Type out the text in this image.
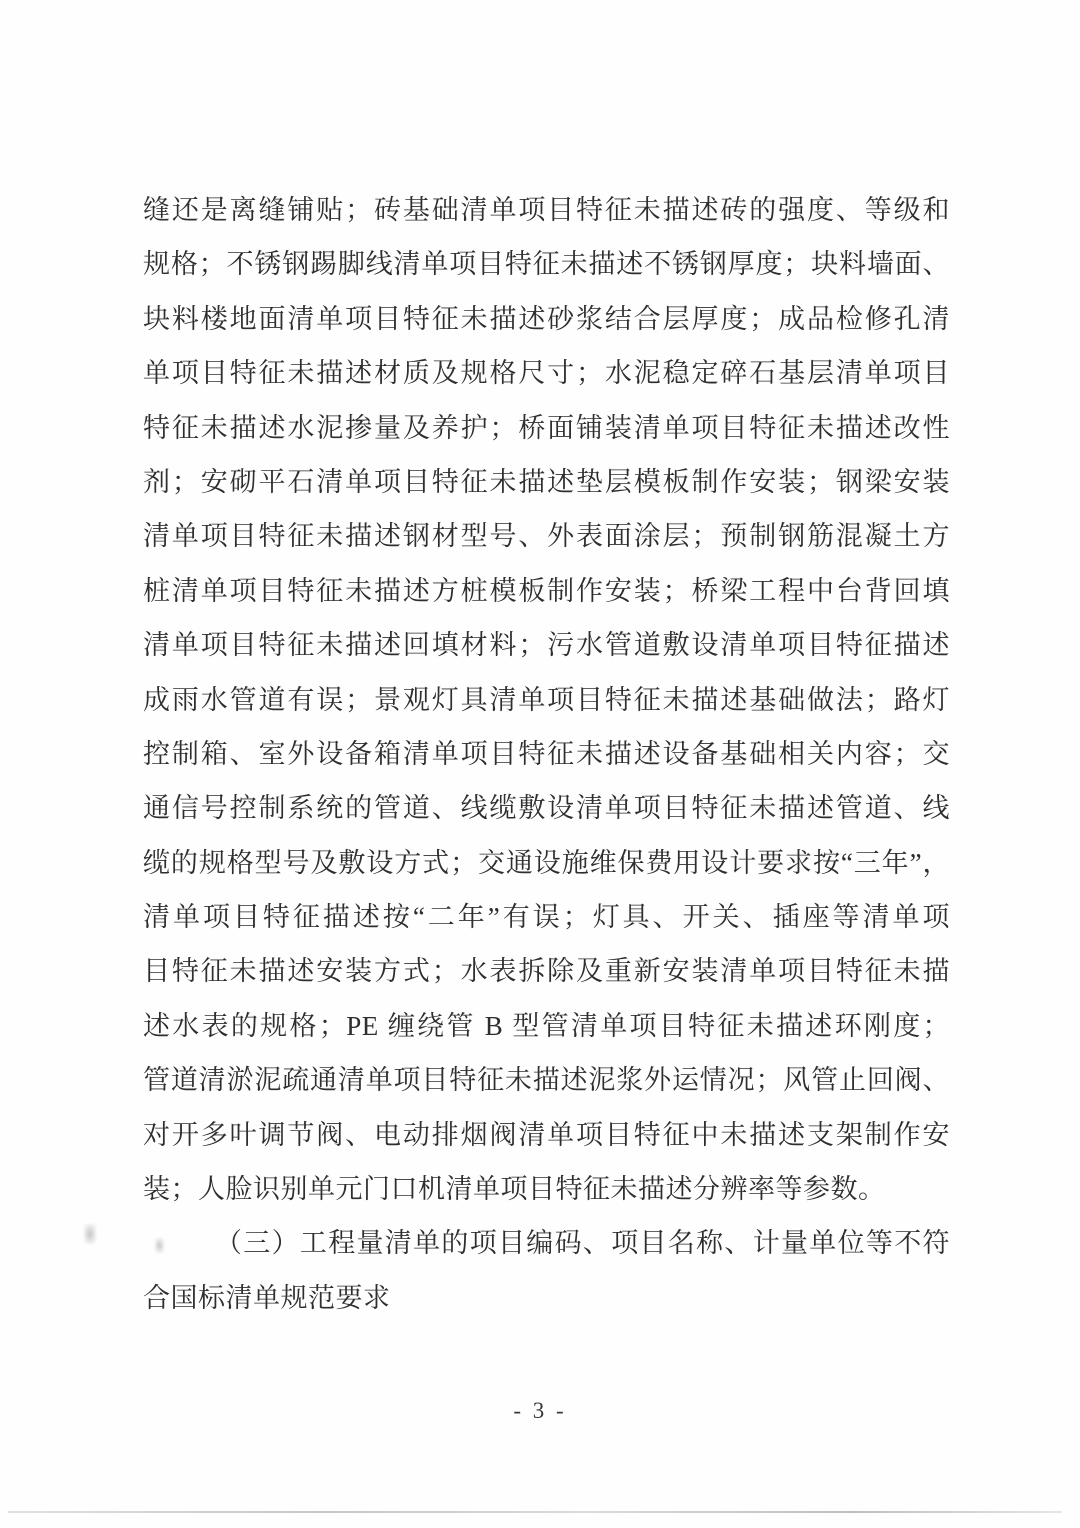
缝还是离缝铺贴；砖基础清单项目特征未描述砖的强度、等级和
规格；不锈钢踢脚线清单项目特征未描述不锈钢厚度；块料墙面、
块料楼地面清单项目特征未描述砂浆结合层厚度；成品检修孔清
单项目特征未描述材质及规格尺寸；水泥稳定碎石基层清单项目
特征未描述水泥掺量及养护；桥面铺装清单项目特征未描述改性
剂；安砌平石清单项目特征未描述垫层模板制作安装；钢梁安装
清单项目特征未描述钢材型号、外表面涂层；预制钢筋混凝土方
桩清单项目特征未描述方桩模板制作安装；桥梁工程中台背回填
清单项目特征未描述回填材料；污水管道敷设清单项目特征描述
成雨水管道有误；景观灯具清单项目特征未描述基础做法；路灯
控制箱、室外设备箱清单项目特征未描述设备基础相关内容；交
通信号控制系统的管道、线缆敷设清单项目特征未描述管道、线
缆的规格型号及敷设方式；交通设施维保费用设计要求按“三年”，
清单项目特征描述按“二年”有误；灯具、开关、插座等清单项
目特征未描述安装方式；水表拆除及重新安装清单项目特征未描
述水表的规格；PE 缠绕管 B 型管清单项目特征未描述环刚度；
管道清淤泥疏通清单项目特征未描述泥浆外运情况；风管止回阀、
对开多叶调节阀、电动排烟阀清单项目特征中未描述支架制作安
装；人脸识别单元门口机清单项目特征未描述分辨率等参数。
（三）工程量清单的项目编码、项目名称、计量单位等不符
合国标清单规范要求
- 3 -
